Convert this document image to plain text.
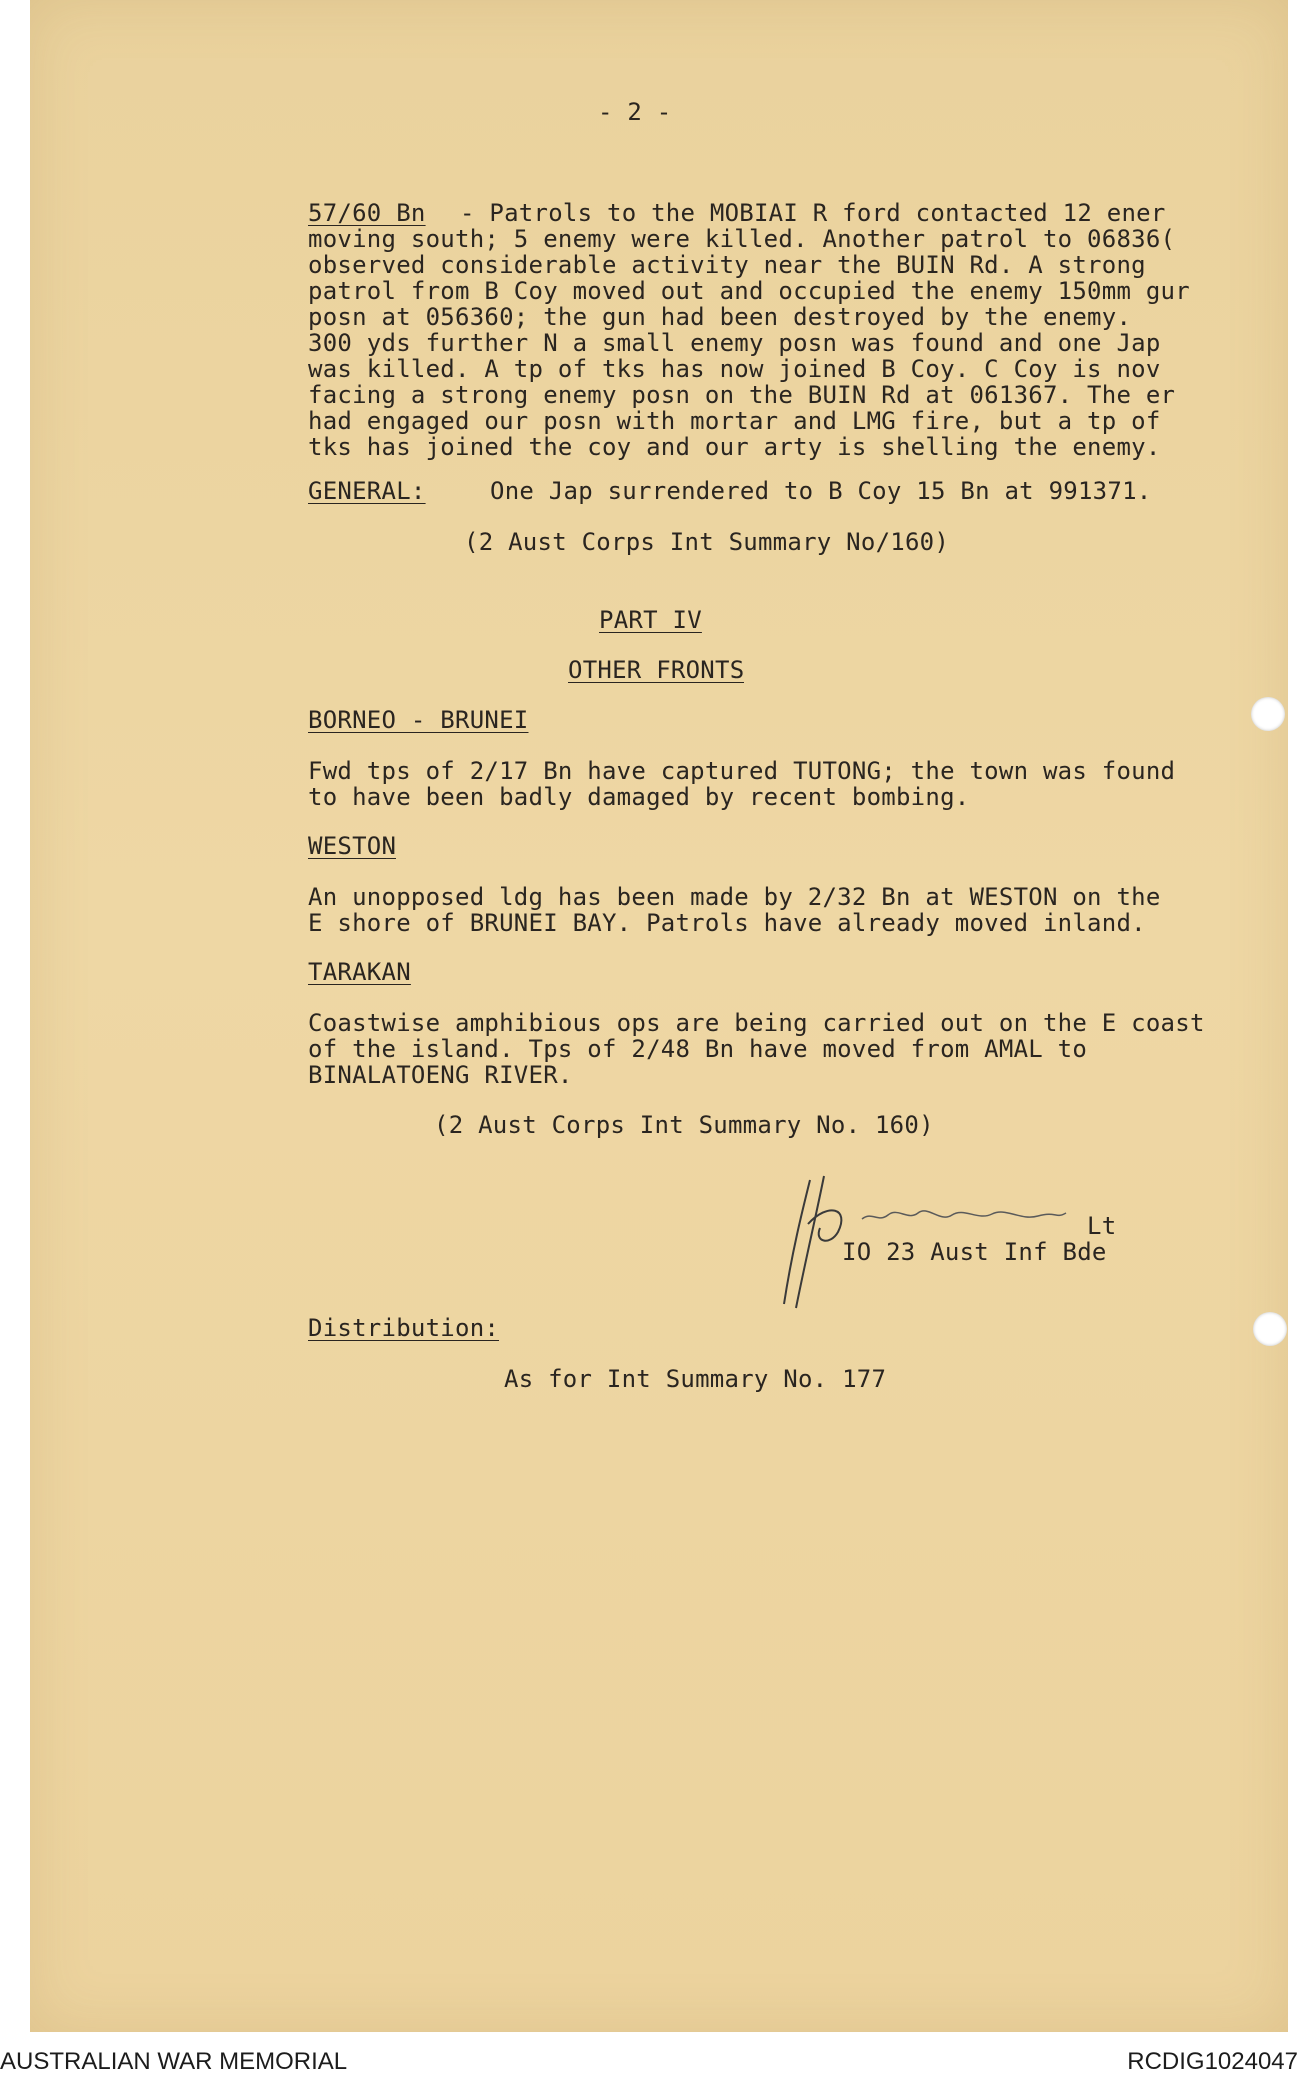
- 2 -
57/60 Bn - Patrols to the MOBIAI R ford contacted 12 ener
moving south; 5 enemy were killed. Another patrol to 06836(
observed considerable activity near the BUIN Rd. A strong
patrol from B Coy moved out and occupied the enemy 150mm gur
posn at 056360; the gun had been destroyed by the enemy.
300 yds further N a small enemy posn was found and one Jap
was killed. A tp of tks has now joined B Coy. C Coy is nov
facing a strong enemy posn on the BUIN Rd at 061367. The er
had engaged our posn with mortar and LMG fire, but a tp of
tks has joined the coy and our arty is shelling the enemy.
GENERAL:	One Jap surrendered to B Coy 15 Bn at 991371.
(2 Aust Corps Int Summary No/160)
PART IV
OTHER FRONTS
BORNEO - BRUNEI
Fwd tps of 2/17 Bn have captured TUTONG; the town was found
to have been badly damaged by recent bombing.
WESTON
An unopposed ldg has been made by 2/32 Bn at WESTON on the
E shore of BRUNEI BAY. Patrols have already moved inland.
TARAKAN
Coastwise amphibious ops are being carried out on the E coast
of the island. Tps of 2/48 Bn have moved from AMAL to
BINALATOENG RIVER.
(2 Aust Corps Int Summary No. 160)
Lt
IO 23 Aust Inf Bde
Distribution:
As for Int Summary No. 177
AUSTRALIAN WAR MEMORIAL	RCDIG1024047
